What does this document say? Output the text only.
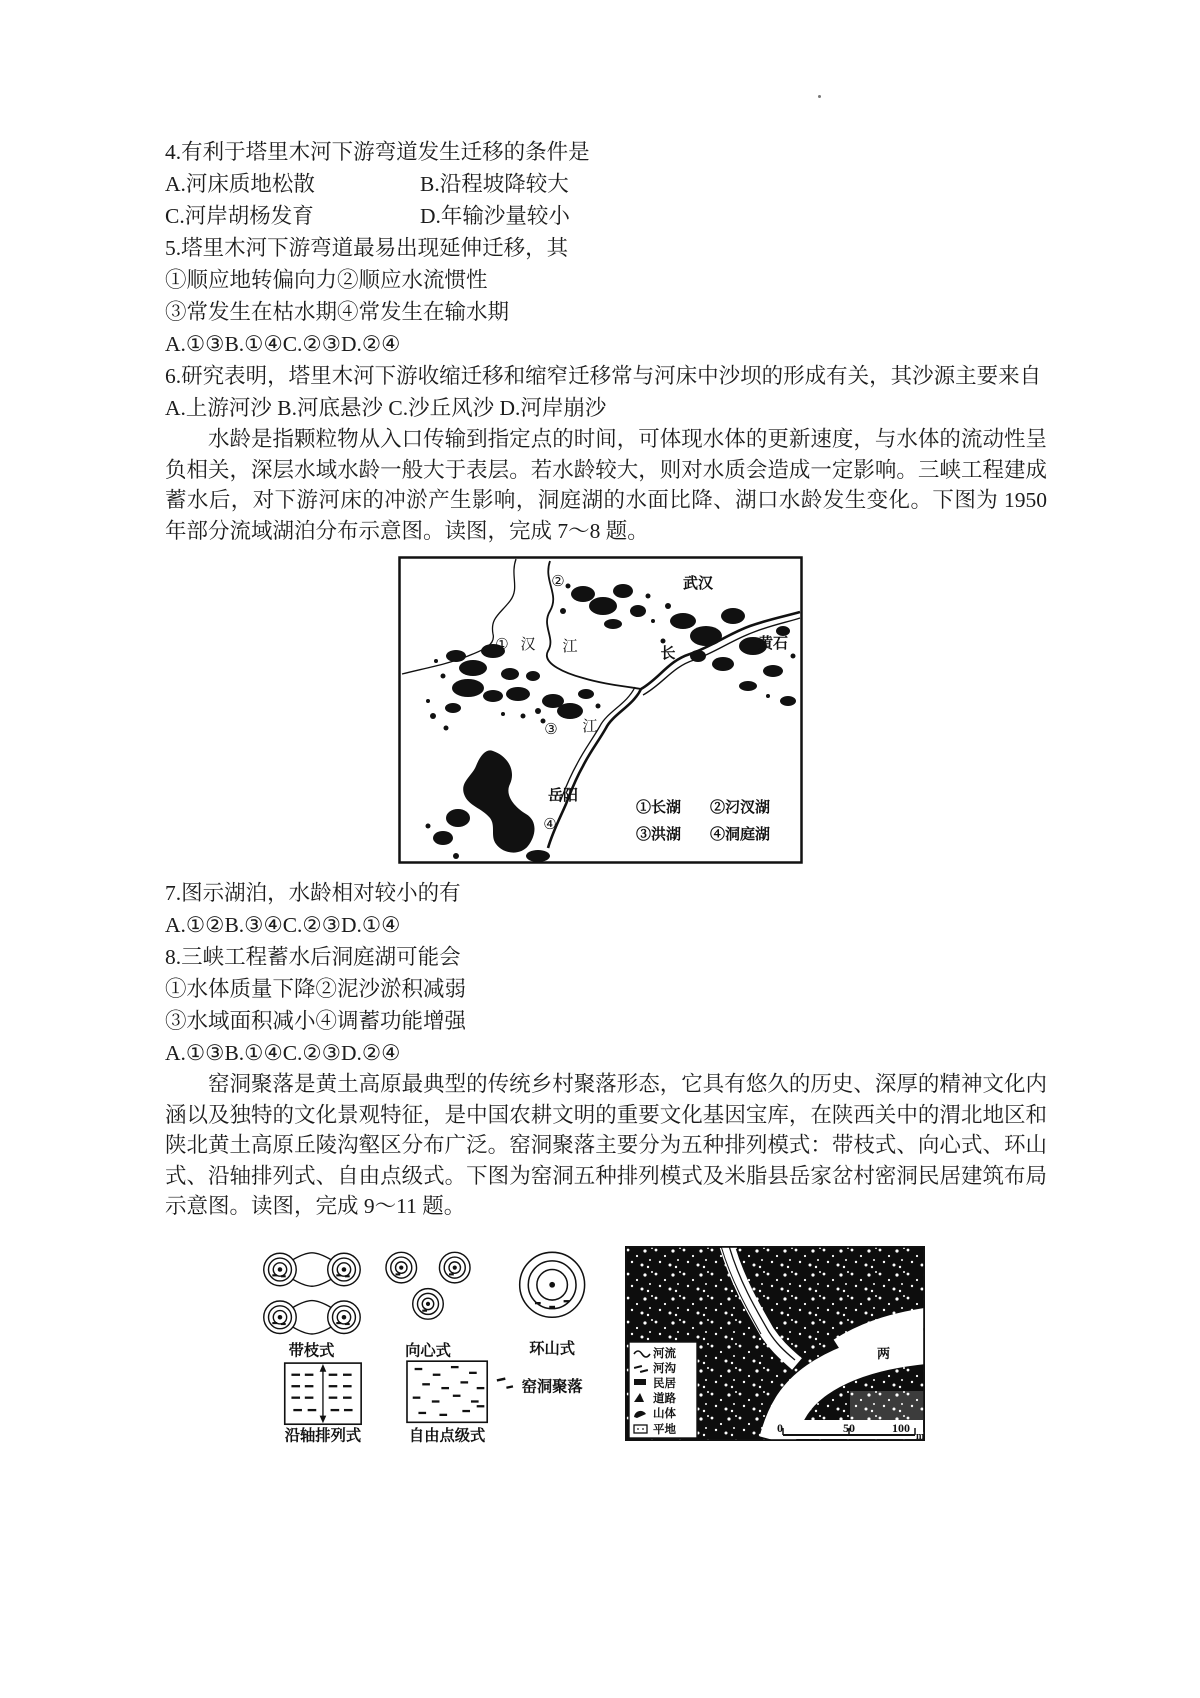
4.有利于塔里木河下游弯道发生迁移的条件是
A.河床质地松散	B.沿程坡降较大
C.河岸胡杨发育	D.年输沙量较小
5.塔里木河下游弯道最易出现延伸迁移，其
①顺应地转偏向力②顺应水流惯性
③常发生在枯水期④常发生在输水期
A.①③B.①④C.②③D.②④

6.研究表明，塔里木河下游收缩迁移和缩窄迁移常与河床中沙坝的形成有关，其沙源主要来自

A.上游河沙 B.河底悬沙 C.沙丘风沙 D.河岸崩沙

水龄是指颗粒物从入口传输到指定点的时间，可体现水体的更新速度，与水体的流动性呈负相关，深层水域水龄一般大于表层。若水龄较大，则对水质会造成一定影响。三峡工程建成蓄水后，对下游河床的冲淤产生影响，洞庭湖的水面比降、湖口水龄发生变化。下图为 1950 年部分流域湖泊分布示意图。读图，完成 7～8 题。

②	武汉
① 汉 江	长
黄石
③ 江
岳阳
④
①长湖 ②汈汊湖
③洪湖 ④洞庭湖
7.图示湖泊，水龄相对较小的有
A.①②B.③④C.②③D.①④
8.三峡工程蓄水后洞庭湖可能会
①水体质量下降②泥沙淤积减弱
③水域面积减小④调蓄功能增强
A.①③B.①④C.②③D.②④

窑洞聚落是黄土高原最典型的传统乡村聚落形态，它具有悠久的历史、深厚的精神文化内涵以及独特的文化景观特征，是中国农耕文明的重要文化基因宝库，在陕西关中的渭北地区和陕北黄土高原丘陵沟壑区分布广泛。窑洞聚落主要分为五种排列模式：带枝式、向心式、环山式、沿轴排列式、自由点级式。下图为窑洞五种排列模式及米脂县岳家岔村密洞民居建筑布局示意图。读图，完成 9～11 题。

窑洞聚落
带枝式	向心式	环山式
沿轴排列式	自由点级式
两
河流
河沟
民居
道路
山体
平地	0	50	100
m
